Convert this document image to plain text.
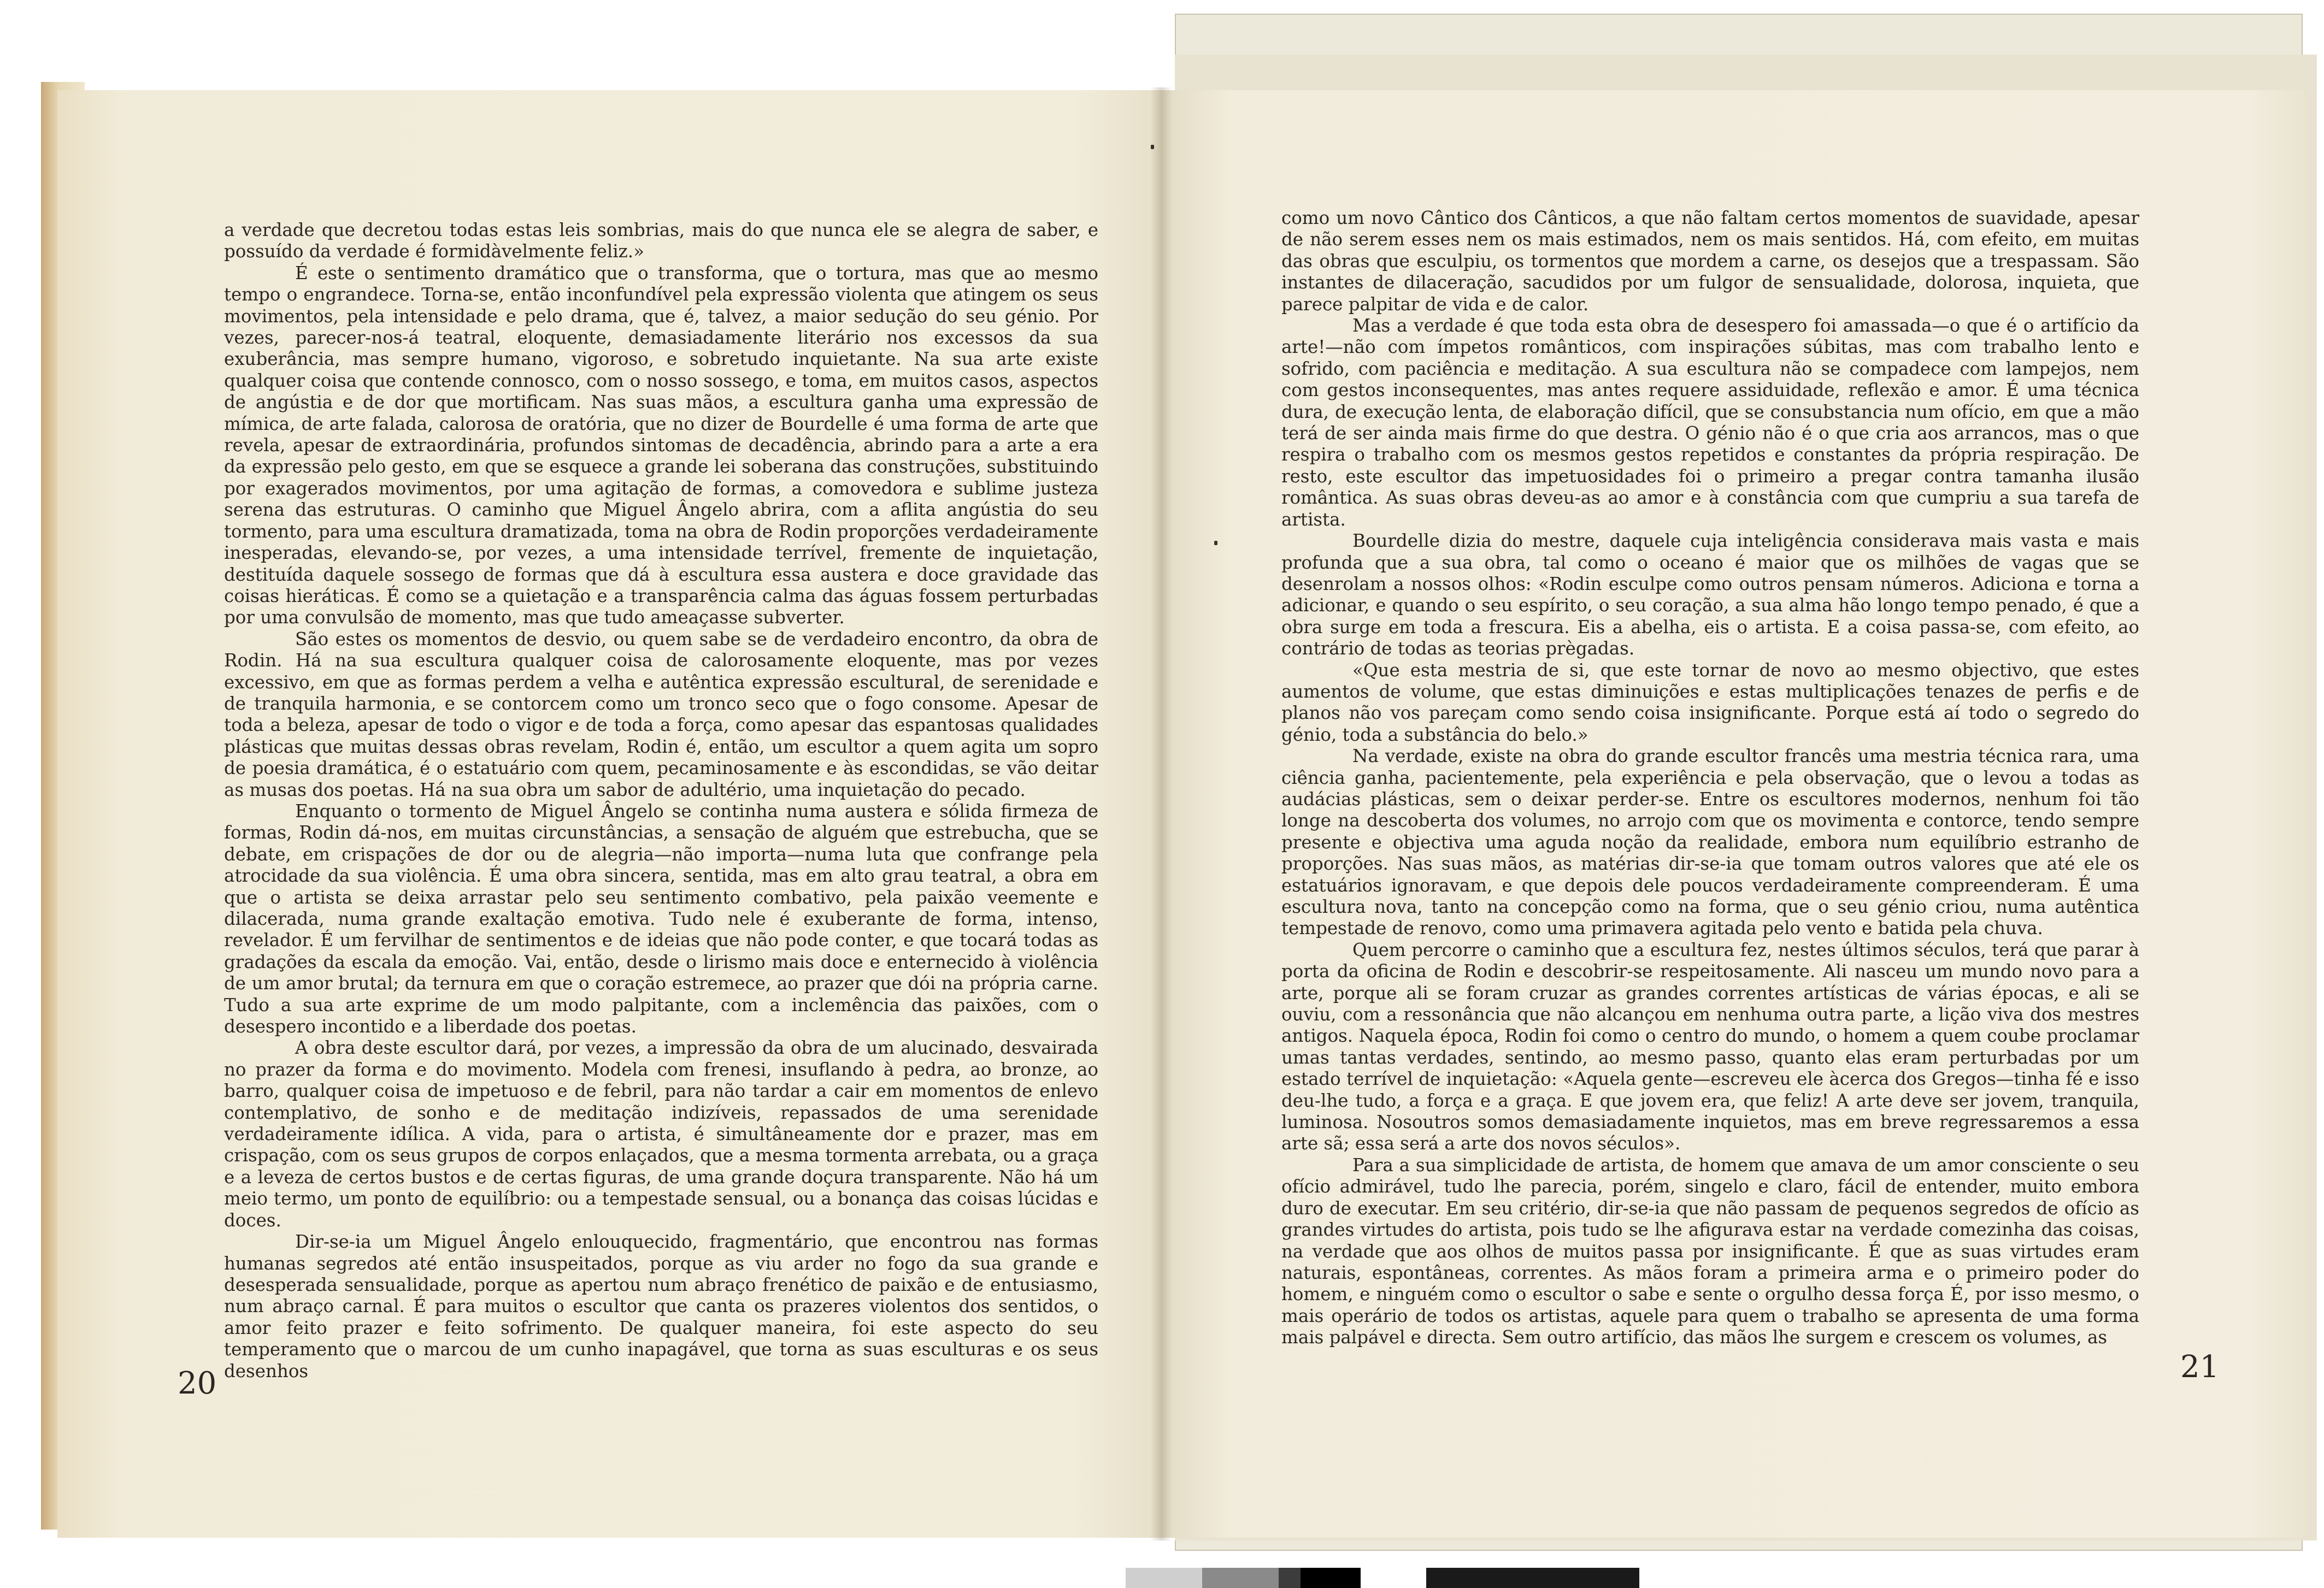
a verdade que decretou todas estas leis sombrias, mais do que nunca ele se alegra de saber, e possuído da verdade é formidàvelmente feliz.»

É este o sentimento dramático que o transforma, que o tortura, mas que ao mesmo tempo o engrandece. Torna-se, então inconfundível pela expressão violenta que atingem os seus movimentos, pela intensidade e pelo drama, que é, talvez, a maior sedução do seu génio. Por vezes, parecer-nos-á teatral, eloquente, demasiadamente literário nos excessos da sua exuberância, mas sempre humano, vigoroso, e sobretudo inquietante. Na sua arte existe qualquer coisa que contende connosco, com o nosso sossego, e toma, em muitos casos, aspectos de angústia e de dor que mortificam. Nas suas mãos, a escultura ganha uma expressão de mímica, de arte falada, calorosa de oratória, que no dizer de Bourdelle é uma forma de arte que revela, apesar de extraordinária, profundos sintomas de decadência, abrindo para a arte a era da expressão pelo gesto, em que se esquece a grande lei soberana das construções, substituindo por exagerados movimentos, por uma agitação de formas, a comovedora e sublime justeza serena das estruturas. O caminho que Miguel Ângelo abrira, com a aflita angústia do seu tormento, para uma escultura dramatizada, toma na obra de Rodin proporções verdadeiramente inesperadas, elevando-se, por vezes, a uma intensidade terrível, fremente de inquietação, destituída daquele sossego de formas que dá à escultura essa austera e doce gravidade das coisas hieráticas. É como se a quietação e a transparência calma das águas fossem perturbadas por uma convulsão de momento, mas que tudo ameaçasse subverter.

São estes os momentos de desvio, ou quem sabe se de verdadeiro encontro, da obra de Rodin. Há na sua escultura qualquer coisa de calorosamente eloquente, mas por vezes excessivo, em que as formas perdem a velha e autêntica expressão escultural, de serenidade e de tranquila harmonia, e se contorcem como um tronco seco que o fogo consome. Apesar de toda a beleza, apesar de todo o vigor e de toda a força, como apesar das espantosas qualidades plásticas que muitas dessas obras revelam, Rodin é, então, um escultor a quem agita um sopro de poesia dramática, é o estatuário com quem, pecaminosamente e às escondidas, se vão deitar as musas dos poetas. Há na sua obra um sabor de adultério, uma inquietação do pecado.

Enquanto o tormento de Miguel Ângelo se continha numa austera e sólida firmeza de formas, Rodin dá-nos, em muitas circunstâncias, a sensação de alguém que estrebucha, que se debate, em crispações de dor ou de alegria—não importa—numa luta que confrange pela atrocidade da sua violência. É uma obra sincera, sentida, mas em alto grau teatral, a obra em que o artista se deixa arrastar pelo seu sentimento combativo, pela paixão veemente e dilacerada, numa grande exaltação emotiva. Tudo nele é exuberante de forma, intenso, revelador. É um fervilhar de sentimentos e de ideias que não pode conter, e que tocará todas as gradações da escala da emoção. Vai, então, desde o lirismo mais doce e enternecido à violência de um amor brutal; da ternura em que o coração estremece, ao prazer que dói na própria carne. Tudo a sua arte exprime de um modo palpitante, com a inclemência das paixões, com o desespero incontido e a liberdade dos poetas.

A obra deste escultor dará, por vezes, a impressão da obra de um alucinado, desvairada no prazer da forma e do movimento. Modela com frenesi, insuflando à pedra, ao bronze, ao barro, qualquer coisa de impetuoso e de febril, para não tardar a cair em momentos de enlevo contemplativo, de sonho e de meditação indizíveis, repassados de uma serenidade verdadeiramente idílica. A vida, para o artista, é simultâneamente dor e prazer, mas em crispação, com os seus grupos de corpos enlaçados, que a mesma tormenta arrebata, ou a graça e a leveza de certos bustos e de certas figuras, de uma grande doçura transparente. Não há um meio termo, um ponto de equilíbrio: ou a tempestade sensual, ou a bonança das coisas lúcidas e doces.

Dir-se-ia um Miguel Ângelo enlouquecido, fragmentário, que encontrou nas formas humanas segredos até então insuspeitados, porque as viu arder no fogo da sua grande e desesperada sensualidade, porque as apertou num abraço frenético de paixão e de entusiasmo, num abraço carnal. É para muitos o escultor que canta os prazeres violentos dos sentidos, o amor feito prazer e feito sofrimento. De qualquer maneira, foi este aspecto do seu temperamento que o marcou de um cunho inapagável, que torna as suas esculturas e os seus desenhos

como um novo Cântico dos Cânticos, a que não faltam certos momentos de suavidade, apesar de não serem esses nem os mais estimados, nem os mais sentidos. Há, com efeito, em muitas das obras que esculpiu, os tormentos que mordem a carne, os desejos que a trespassam. São instantes de dilaceração, sacudidos por um fulgor de sensualidade, dolorosa, inquieta, que parece palpitar de vida e de calor.

Mas a verdade é que toda esta obra de desespero foi amassada—o que é o artifício da arte!—não com ímpetos românticos, com inspirações súbitas, mas com trabalho lento e sofrido, com paciência e meditação. A sua escultura não se compadece com lampejos, nem com gestos inconsequentes, mas antes requere assiduidade, reflexão e amor. É uma técnica dura, de execução lenta, de elaboração difícil, que se consubstancia num ofício, em que a mão terá de ser ainda mais firme do que destra. O génio não é o que cria aos arrancos, mas o que respira o trabalho com os mesmos gestos repetidos e constantes da própria respiração. De resto, este escultor das impetuosidades foi o primeiro a pregar contra tamanha ilusão romântica. As suas obras deveu-as ao amor e à constância com que cumpriu a sua tarefa de artista.

Bourdelle dizia do mestre, daquele cuja inteligência considerava mais vasta e mais profunda que a sua obra, tal como o oceano é maior que os milhões de vagas que se desenrolam a nossos olhos: «Rodin esculpe como outros pensam números. Adiciona e torna a adicionar, e quando o seu espírito, o seu coração, a sua alma hão longo tempo penado, é que a obra surge em toda a frescura. Eis a abelha, eis o artista. E a coisa passa-se, com efeito, ao contrário de todas as teorias prègadas.

«Que esta mestria de si, que este tornar de novo ao mesmo objectivo, que estes aumentos de volume, que estas diminuições e estas multiplicações tenazes de perfis e de planos não vos pareçam como sendo coisa insignificante. Porque está aí todo o segredo do génio, toda a substância do belo.»

Na verdade, existe na obra do grande escultor francês uma mestria técnica rara, uma ciência ganha, pacientemente, pela experiência e pela observação, que o levou a todas as audácias plásticas, sem o deixar perder-se. Entre os escultores modernos, nenhum foi tão longe na descoberta dos volumes, no arrojo com que os movimenta e contorce, tendo sempre presente e objectiva uma aguda noção da realidade, embora num equilíbrio estranho de proporções. Nas suas mãos, as matérias dir-se-ia que tomam outros valores que até ele os estatuários ignoravam, e que depois dele poucos verdadeiramente compreenderam. É uma escultura nova, tanto na concepção como na forma, que o seu génio criou, numa autêntica tempestade de renovo, como uma primavera agitada pelo vento e batida pela chuva.

Quem percorre o caminho que a escultura fez, nestes últimos séculos, terá que parar à porta da oficina de Rodin e descobrir-se respeitosamente. Ali nasceu um mundo novo para a arte, porque ali se foram cruzar as grandes correntes artísticas de várias épocas, e ali se ouviu, com a ressonância que não alcançou em nenhuma outra parte, a lição viva dos mestres antigos. Naquela época, Rodin foi como o centro do mundo, o homem a quem coube proclamar umas tantas verdades, sentindo, ao mesmo passo, quanto elas eram perturbadas por um estado terrível de inquietação: «Aquela gente—escreveu ele àcerca dos Gregos—tinha fé e isso deu-lhe tudo, a força e a graça. E que jovem era, que feliz! A arte deve ser jovem, tranquila, luminosa. Nosoutros somos demasiadamente inquietos, mas em breve regressaremos a essa arte sã; essa será a arte dos novos séculos».

Para a sua simplicidade de artista, de homem que amava de um amor consciente o seu ofício admirável, tudo lhe parecia, porém, singelo e claro, fácil de entender, muito embora duro de executar. Em seu critério, dir-se-ia que não passam de pequenos segredos de ofício as grandes virtudes do artista, pois tudo se lhe afigurava estar na verdade comezinha das coisas, na verdade que aos olhos de muitos passa por insignificante. É que as suas virtudes eram naturais, espontâneas, correntes. As mãos foram a primeira arma e o primeiro poder do homem, e ninguém como o escultor o sabe e sente o orgulho dessa força É, por isso mesmo, o mais operário de todos os artistas, aquele para quem o trabalho se apresenta de uma forma mais palpável e directa. Sem outro artifício, das mãos lhe surgem e crescem os volumes, as

20	21
